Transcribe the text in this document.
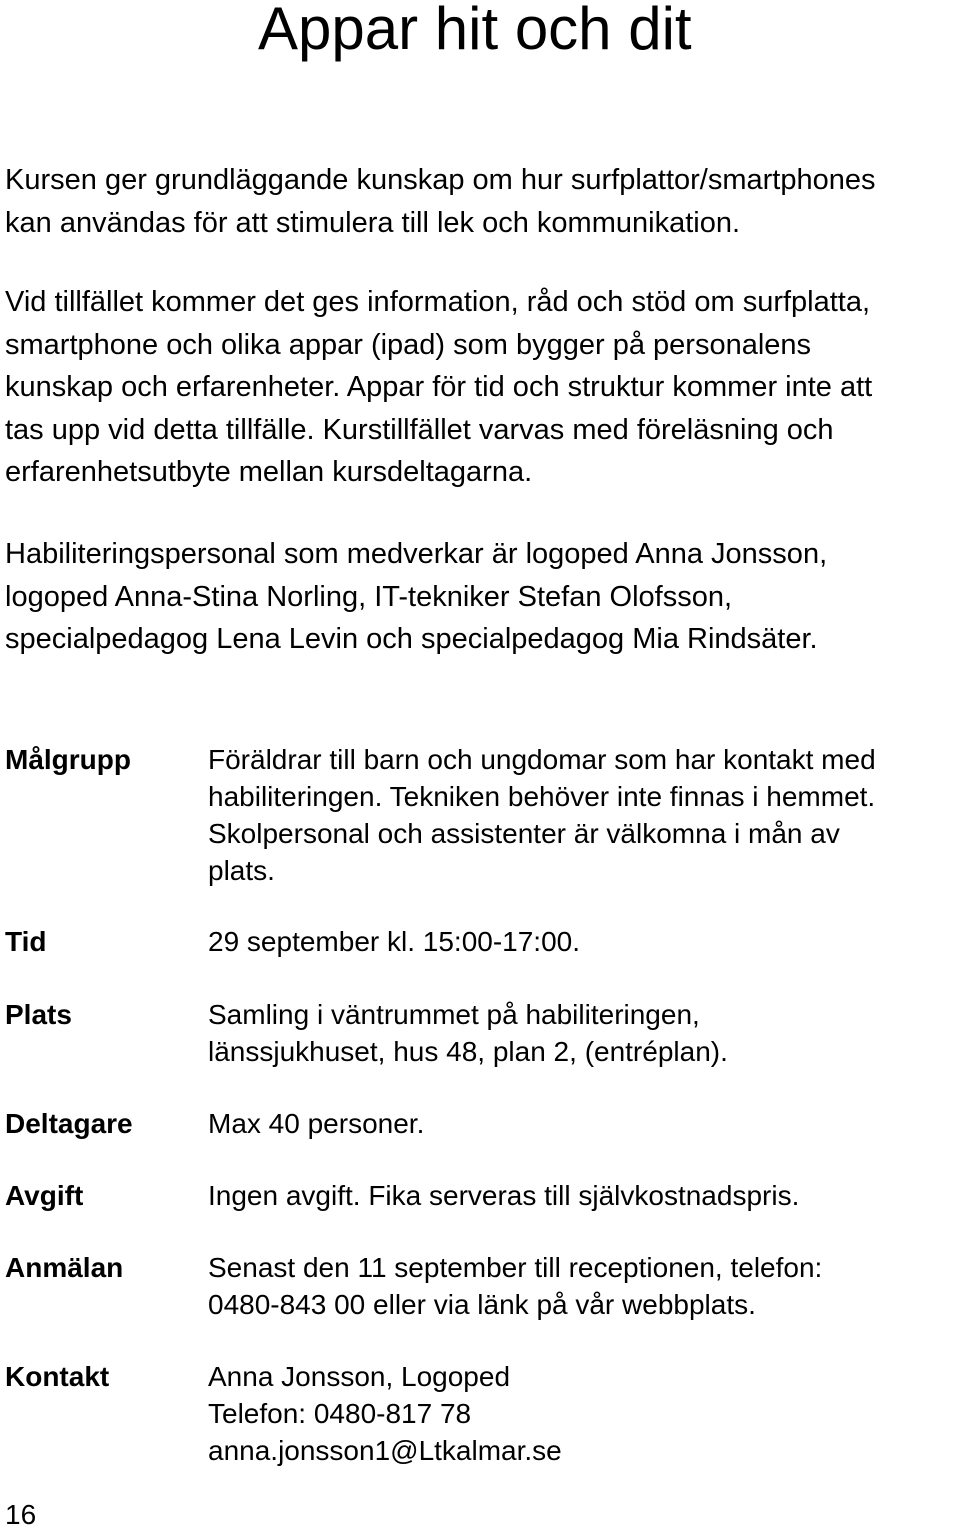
Appar hit och dit

Kursen ger grundläggande kunskap om hur surfplattor/smartphones
kan användas för att stimulera till lek och kommunikation.

Vid tillfället kommer det ges information, råd och stöd om surfplatta,
smartphone och olika appar (ipad) som bygger på personalens
kunskap och erfarenheter. Appar för tid och struktur kommer inte att
tas upp vid detta tillfälle. Kurstillfället varvas med föreläsning och
erfarenhetsutbyte mellan kursdeltagarna.

Habiliteringspersonal som medverkar är logoped Anna Jonsson,
logoped Anna-Stina Norling, IT-tekniker Stefan Olofsson,
specialpedagog Lena Levin och specialpedagog Mia Rindsäter.

Målgrupp	Föräldrar till barn och ungdomar som har kontakt med
habiliteringen. Tekniken behöver inte finnas i hemmet.
Skolpersonal och assistenter är välkomna i mån av
plats.
Tid	29 september kl. 15:00-17:00.
Plats	Samling i väntrummet på habiliteringen,
länssjukhuset, hus 48, plan 2, (entréplan).
Deltagare	Max 40 personer.
Avgift	Ingen avgift. Fika serveras till självkostnadspris.
Anmälan	Senast den 11 september till receptionen, telefon:
0480-843 00 eller via länk på vår webbplats.
Kontakt	Anna Jonsson, Logoped
Telefon: 0480-817 78
anna.jonsson1@Ltkalmar.se
16
